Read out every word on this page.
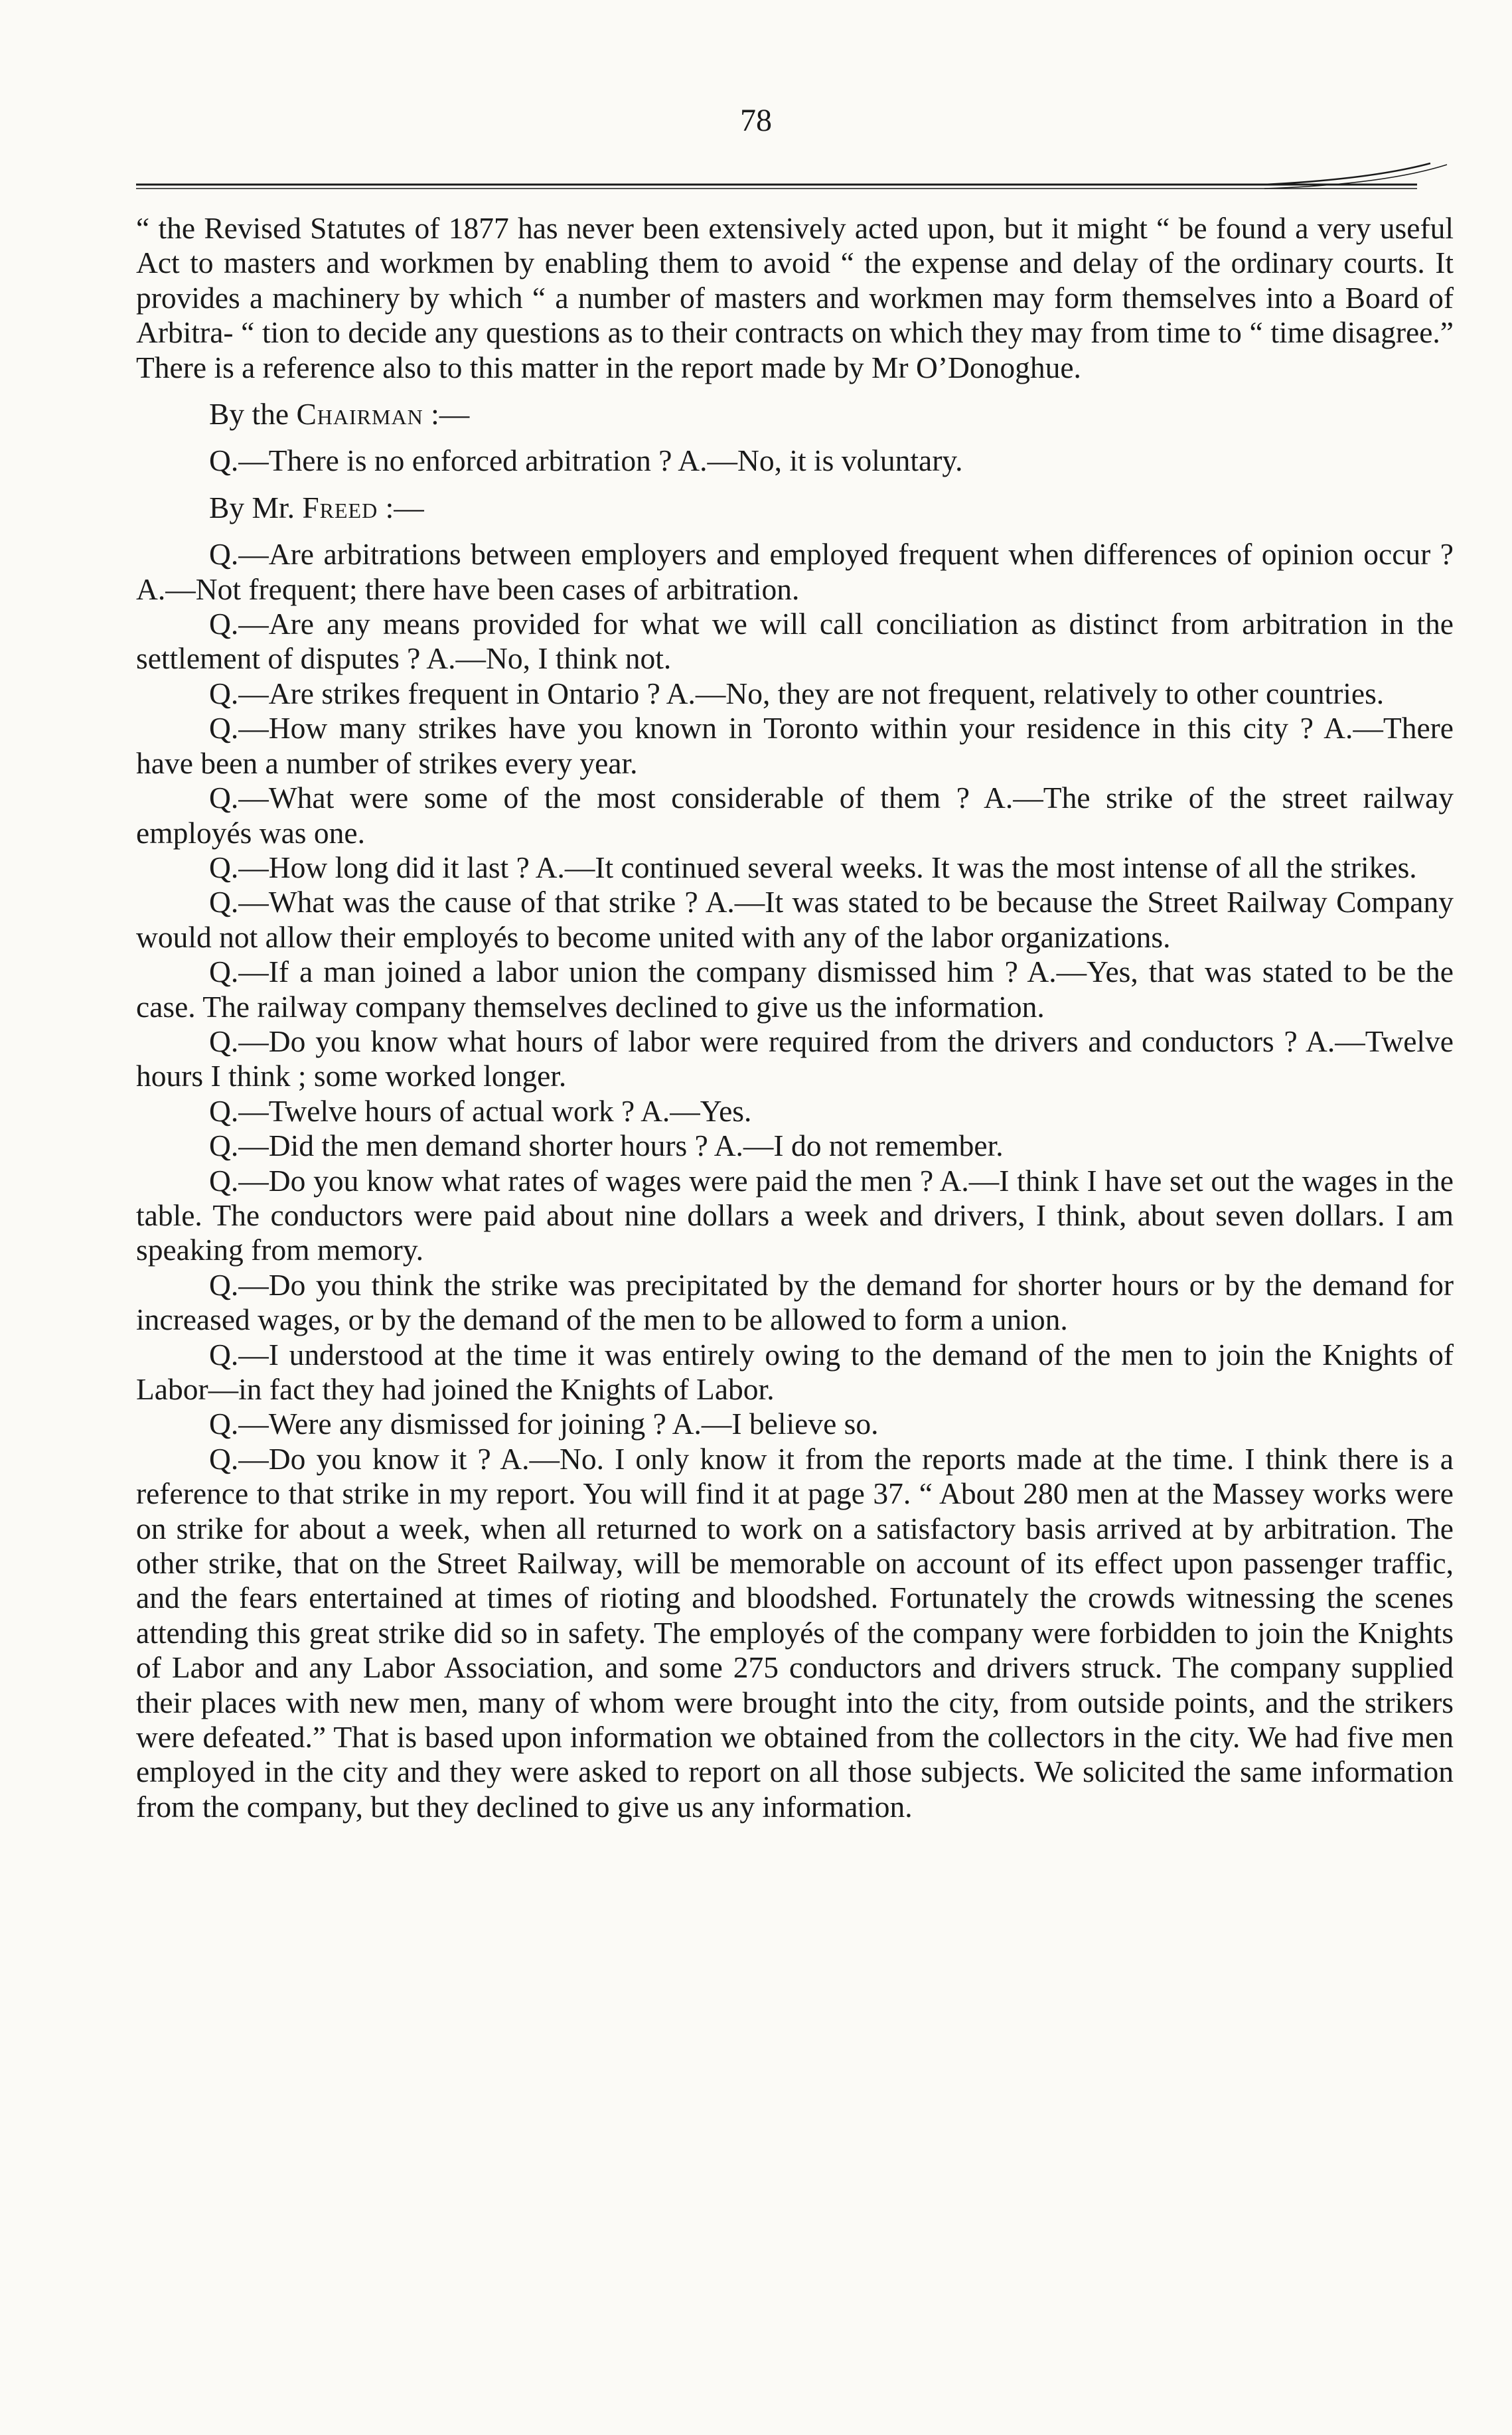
78

“ the Revised Statutes of 1877 has never been extensively acted upon, but it might “ be found a very useful Act to masters and workmen by enabling them to avoid “ the expense and delay of the ordinary courts. It provides a machinery by which “ a number of masters and workmen may form themselves into a Board of Arbitra- “ tion to decide any questions as to their contracts on which they may from time to “ time disagree.” There is a reference also to this matter in the report made by Mr O’Donoghue.

By the Chairman :—

Q.—There is no enforced arbitration ? A.—No, it is voluntary.

By Mr. Freed :—

Q.—Are arbitrations between employers and employed frequent when differences of opinion occur ? A.—Not frequent; there have been cases of arbitration.

Q.—Are any means provided for what we will call conciliation as distinct from arbitration in the settlement of disputes ? A.—No, I think not.

Q.—Are strikes frequent in Ontario ? A.—No, they are not frequent, relatively to other countries.

Q.—How many strikes have you known in Toronto within your residence in this city ? A.—There have been a number of strikes every year.

Q.—What were some of the most considerable of them ? A.—The strike of the street railway employés was one.

Q.—How long did it last ? A.—It continued several weeks. It was the most intense of all the strikes.

Q.—What was the cause of that strike ? A.—It was stated to be because the Street Railway Company would not allow their employés to become united with any of the labor organizations.

Q.—If a man joined a labor union the company dismissed him ? A.—Yes, that was stated to be the case. The railway company themselves declined to give us the information.

Q.—Do you know what hours of labor were required from the drivers and conductors ? A.—Twelve hours I think ; some worked longer.

Q.—Twelve hours of actual work ? A.—Yes.

Q.—Did the men demand shorter hours ? A.—I do not remember.

Q.—Do you know what rates of wages were paid the men ? A.—I think I have set out the wages in the table. The conductors were paid about nine dollars a week and drivers, I think, about seven dollars. I am speaking from memory.

Q.—Do you think the strike was precipitated by the demand for shorter hours or by the demand for increased wages, or by the demand of the men to be allowed to form a union.

Q.—I understood at the time it was entirely owing to the demand of the men to join the Knights of Labor—in fact they had joined the Knights of Labor.

Q.—Were any dismissed for joining ? A.—I believe so.

Q.—Do you know it ? A.—No. I only know it from the reports made at the time. I think there is a reference to that strike in my report. You will find it at page 37. “ About 280 men at the Massey works were on strike for about a week, when all returned to work on a satisfactory basis arrived at by arbitration. The other strike, that on the Street Railway, will be memorable on account of its effect upon passenger traffic, and the fears entertained at times of rioting and bloodshed. Fortunately the crowds witnessing the scenes attending this great strike did so in safety. The employés of the company were forbidden to join the Knights of Labor and any Labor Association, and some 275 conductors and drivers struck. The company supplied their places with new men, many of whom were brought into the city, from outside points, and the strikers were defeated.” That is based upon information we obtained from the collectors in the city. We had five men employed in the city and they were asked to report on all those subjects. We solicited the same information from the company, but they declined to give us any information.
